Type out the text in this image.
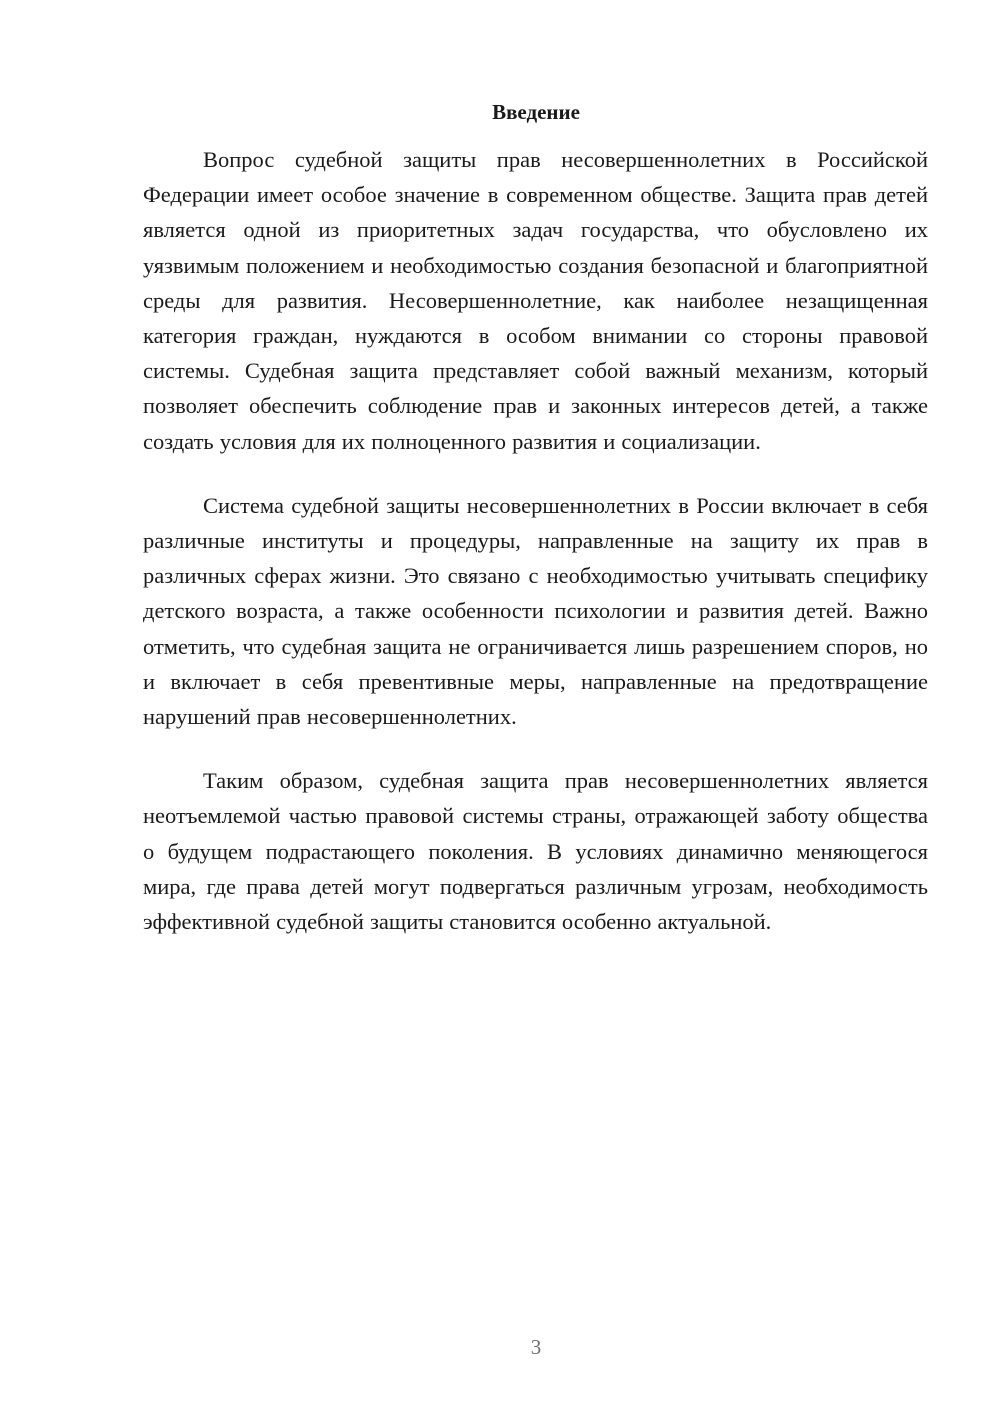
Введение

Вопрос судебной защиты прав несовершеннолетних в Российской Федерации имеет особое значение в современном обществе. Защита прав детей является одной из приоритетных задач государства, что обусловлено их уязвимым положением и необходимостью создания безопасной и благоприятной среды для развития. Несовершеннолетние, как наиболее незащищенная категория граждан, нуждаются в особом внимании со стороны правовой системы. Судебная защита представляет собой важный механизм, который позволяет обеспечить соблюдение прав и законных интересов детей, а также создать условия для их полноценного развития и социализации.

Система судебной защиты несовершеннолетних в России включает в себя различные институты и процедуры, направленные на защиту их прав в различных сферах жизни. Это связано с необходимостью учитывать специфику детского возраста, а также особенности психологии и развития детей. Важно отметить, что судебная защита не ограничивается лишь разрешением споров, но и включает в себя превентивные меры, направленные на предотвращение нарушений прав несовершеннолетних.

Таким образом, судебная защита прав несовершеннолетних является неотъемлемой частью правовой системы страны, отражающей заботу общества о будущем подрастающего поколения. В условиях динамично меняющегося мира, где права детей могут подвергаться различным угрозам, необходимость эффективной судебной защиты становится особенно актуальной.

3
